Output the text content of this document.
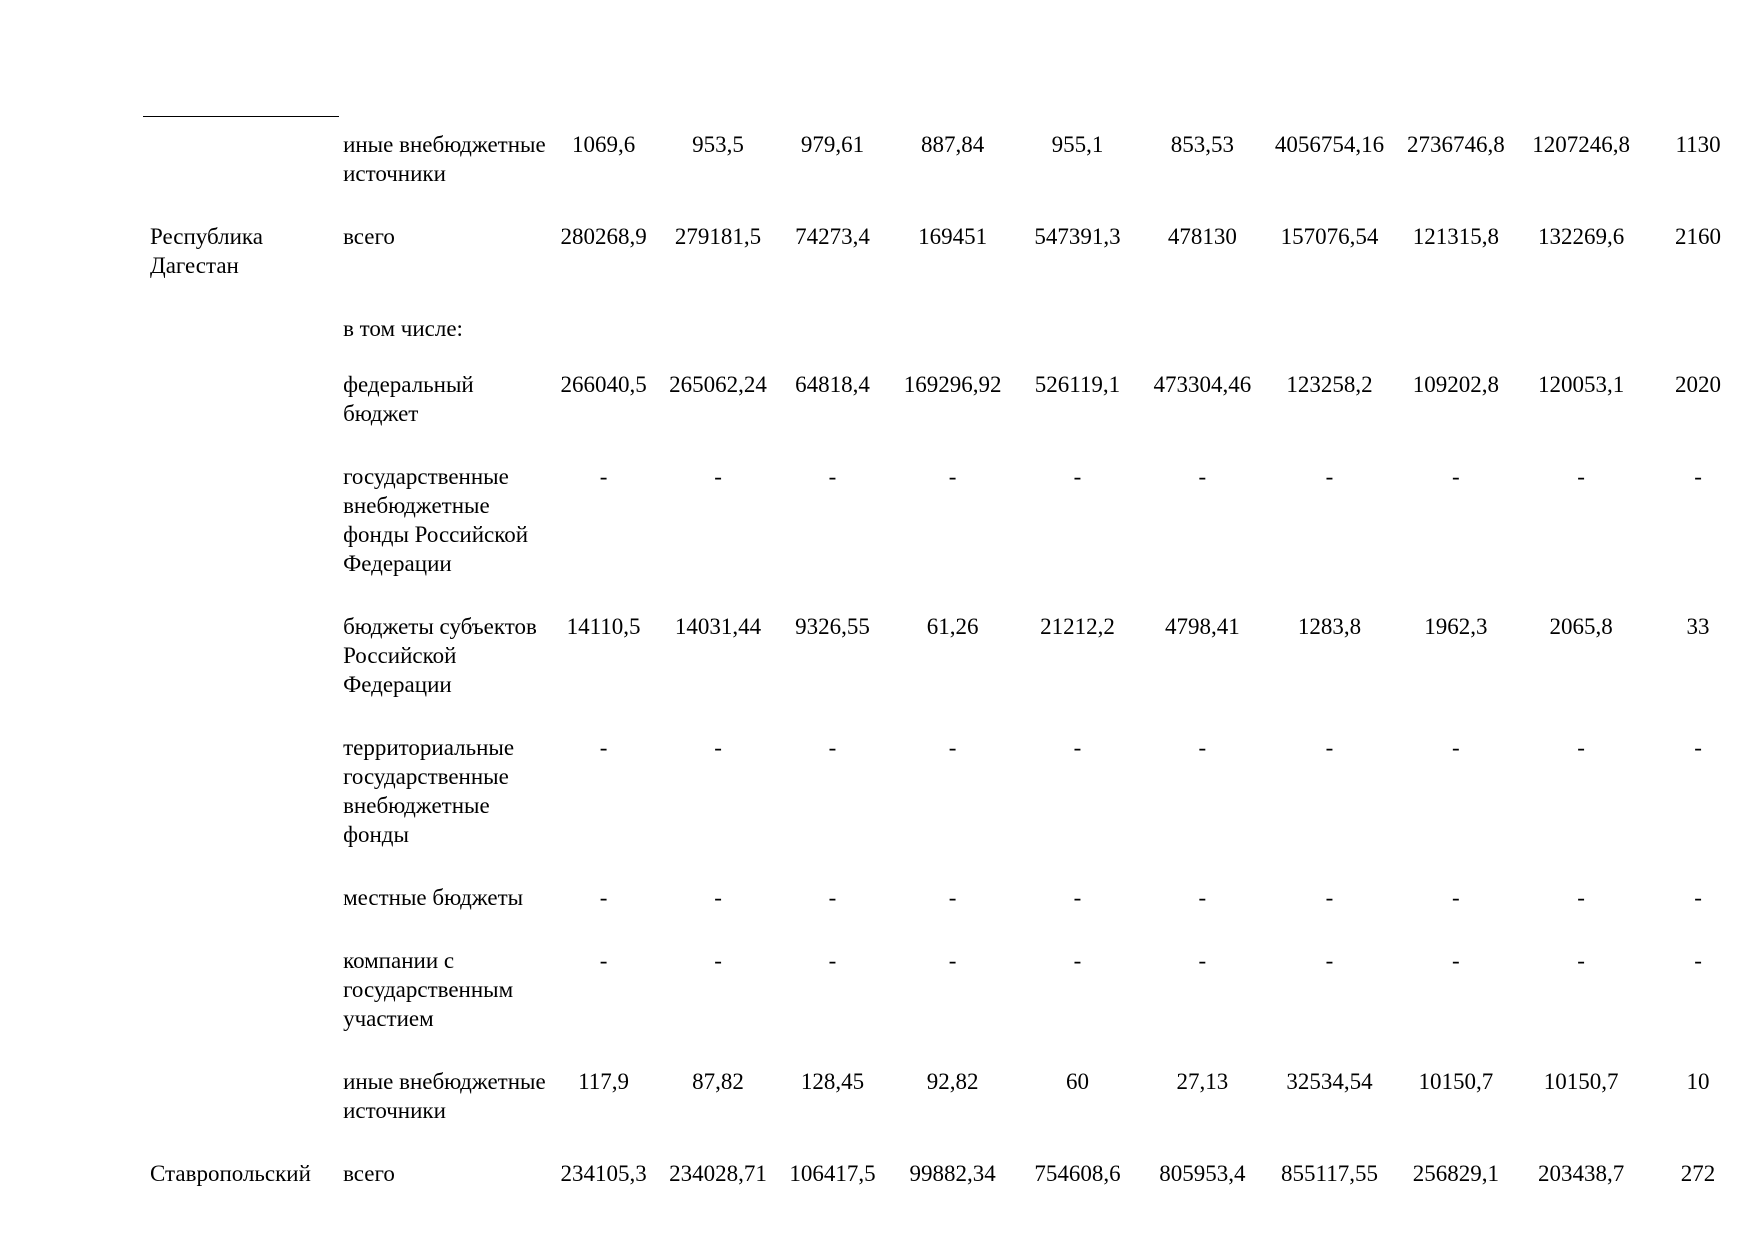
	иные внебюджетные источники	1069,6	953,5	979,61	887,84	955,1	853,53	4056754,16	2736746,8	1207246,8	1130
Республика Дагестан	всего	280268,9	279181,5	74273,4	169451	547391,3	478130	157076,54	121315,8	132269,6	2160
	в том числе:										
	федеральный бюджет	266040,5	265062,24	64818,4	169296,92	526119,1	473304,46	123258,2	109202,8	120053,1	2020
	государственные внебюджетные фонды Российской Федерации	-	-	-	-	-	-	-	-	-	-
	бюджеты субъектов Российской Федерации	14110,5	14031,44	9326,55	61,26	21212,2	4798,41	1283,8	1962,3	2065,8	33
	территориальные государственные внебюджетные фонды	-	-	-	-	-	-	-	-	-	-
	местные бюджеты	-	-	-	-	-	-	-	-	-	-
	компании с государственным участием	-	-	-	-	-	-	-	-	-	-
	иные внебюджетные источники	117,9	87,82	128,45	92,82	60	27,13	32534,54	10150,7	10150,7	10
Ставропольский	всего	234105,3	234028,71	106417,5	99882,34	754608,6	805953,4	855117,55	256829,1	203438,7	272
